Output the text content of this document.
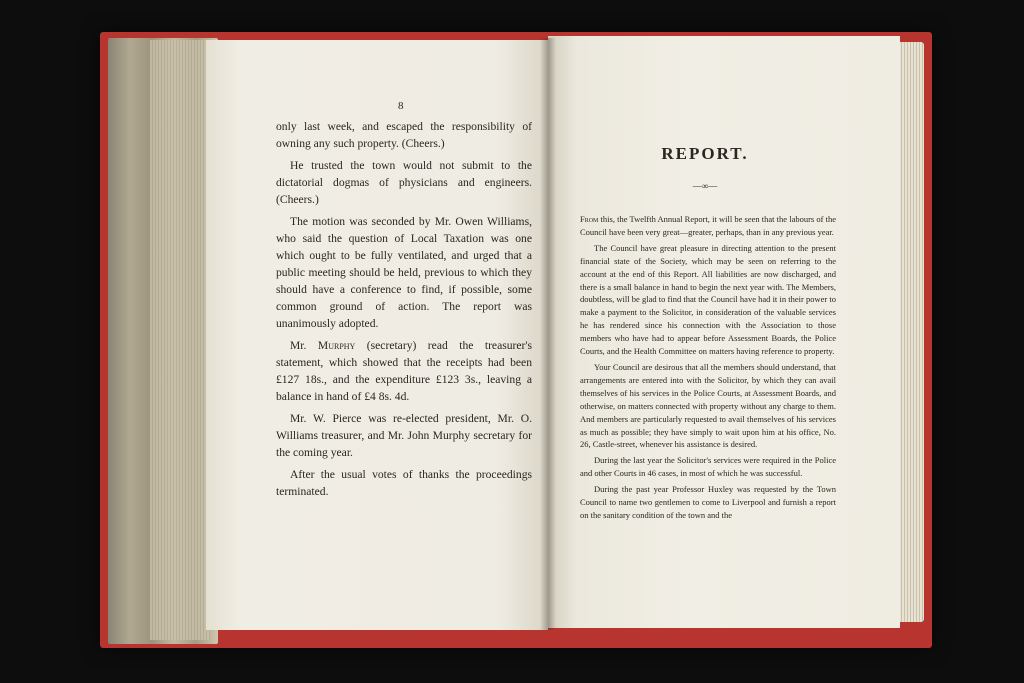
8

only last week, and escaped the responsibility of owning any such property. (Cheers.)

He trusted the town would not submit to the dictatorial dogmas of physicians and engineers. (Cheers.)

The motion was seconded by Mr. Owen Williams, who said the question of Local Taxation was one which ought to be fully ventilated, and urged that a public meeting should be held, previous to which they should have a conference to find, if possible, some common ground of action. The report was unanimously adopted.

Mr. Murphy (secretary) read the treasurer's statement, which showed that the receipts had been £127 18s., and the expenditure £123 3s., leaving a balance in hand of £4 8s. 4d.

Mr. W. Pierce was re-elected president, Mr. O. Williams treasurer, and Mr. John Murphy secretary for the coming year.

After the usual votes of thanks the proceedings terminated.

REPORT.
—∞—

From this, the Twelfth Annual Report, it will be seen that the labours of the Council have been very great—greater, perhaps, than in any previous year.

The Council have great pleasure in directing attention to the present financial state of the Society, which may be seen on referring to the account at the end of this Report. All liabilities are now discharged, and there is a small balance in hand to begin the next year with. The Members, doubtless, will be glad to find that the Council have had it in their power to make a payment to the Solicitor, in consideration of the valuable services he has rendered since his connection with the Association to those members who have had to appear before Assessment Boards, the Police Courts, and the Health Committee on matters having reference to property.

Your Council are desirous that all the members should understand, that arrangements are entered into with the Solicitor, by which they can avail themselves of his services in the Police Courts, at Assessment Boards, and otherwise, on matters connected with property without any charge to them. And members are particularly requested to avail themselves of his services as much as possible; they have simply to wait upon him at his office, No. 26, Castle-street, whenever his assistance is desired.

During the last year the Solicitor's services were required in the Police and other Courts in 46 cases, in most of which he was successful.

During the past year Professor Huxley was requested by the Town Council to name two gentlemen to come to Liverpool and furnish a report on the sanitary condition of the town and the
